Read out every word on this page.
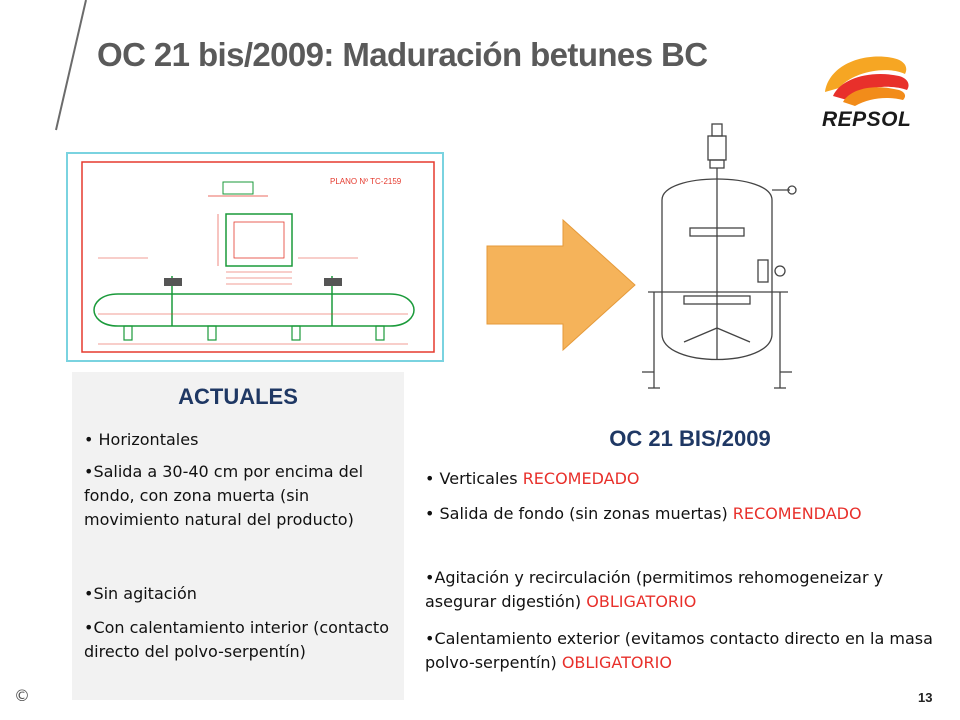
OC 21 bis/2009: Maduración betunes BC
REPSOL
PLANO Nº TC-2159
ACTUALES
• Horizontales
•Salida a 30-40 cm por encima del fondo, con zona muerta (sin movimiento natural del producto)
•Sin agitación
•Con calentamiento interior (contacto directo del polvo-serpentín)
OC 21 BIS/2009
• Verticales RECOMEDADO
• Salida de fondo (sin zonas muertas) RECOMENDADO
•Agitación y recirculación (permitimos rehomogeneizar y asegurar digestión) OBLIGATORIO
•Calentamiento exterior (evitamos contacto directo en la masa polvo-serpentín) OBLIGATORIO
©	13
